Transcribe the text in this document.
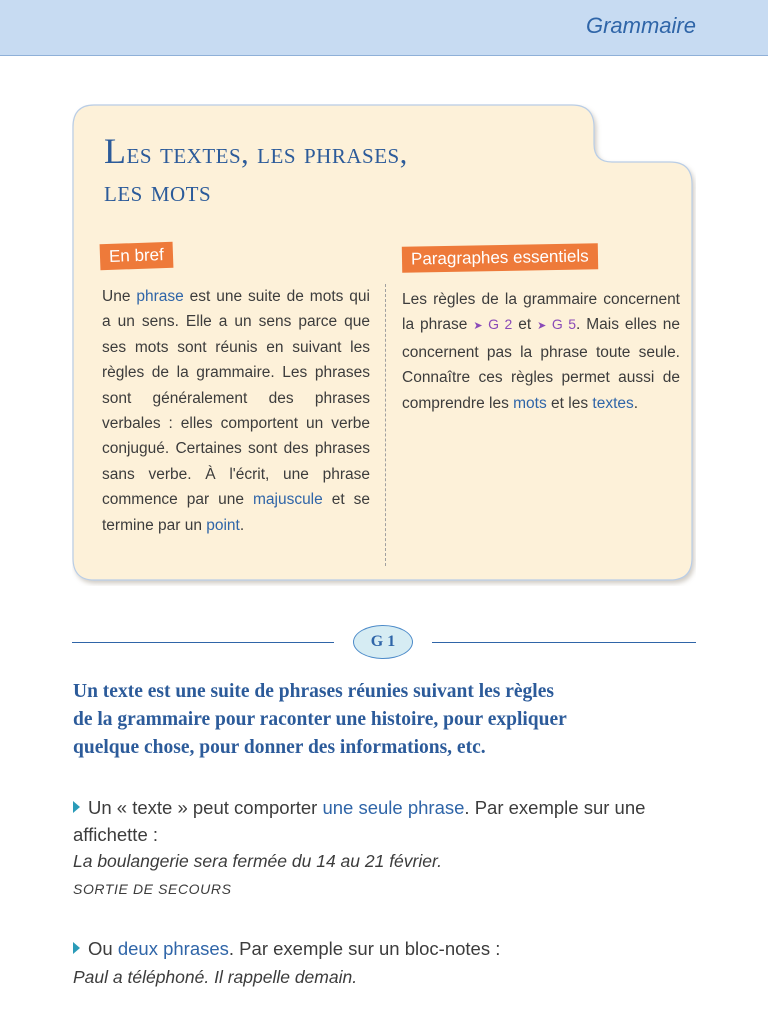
Grammaire
Les textes, les phrases,
les mots
En bref	Paragraphes essentiels
Une phrase est une suite de mots qui a un sens. Elle a un sens parce que ses mots sont réunis en suivant les règles de la grammaire. Les phrases sont généralement des phrases verbales : elles comportent un verbe conjugué. Certaines sont des phrases sans verbe. À l'écrit, une phrase commence par une majuscule et se termine par un point.
Les règles de la grammaire concernent la phrase ➤ G 2 et ➤ G 5. Mais elles ne concernent pas la phrase toute seule. Connaître ces règles permet aussi de comprendre les mots et les textes.
G 1
Un texte est une suite de phrases réunies suivant les règles
de la grammaire pour raconter une histoire, pour expliquer
quelque chose, pour donner des informations, etc.
Un « texte » peut comporter une seule phrase. Par exemple sur une affichette :
La boulangerie sera fermée du 14 au 21 février.
SORTIE DE SECOURS
Ou deux phrases. Par exemple sur un bloc-notes :
Paul a téléphoné. Il rappelle demain.
